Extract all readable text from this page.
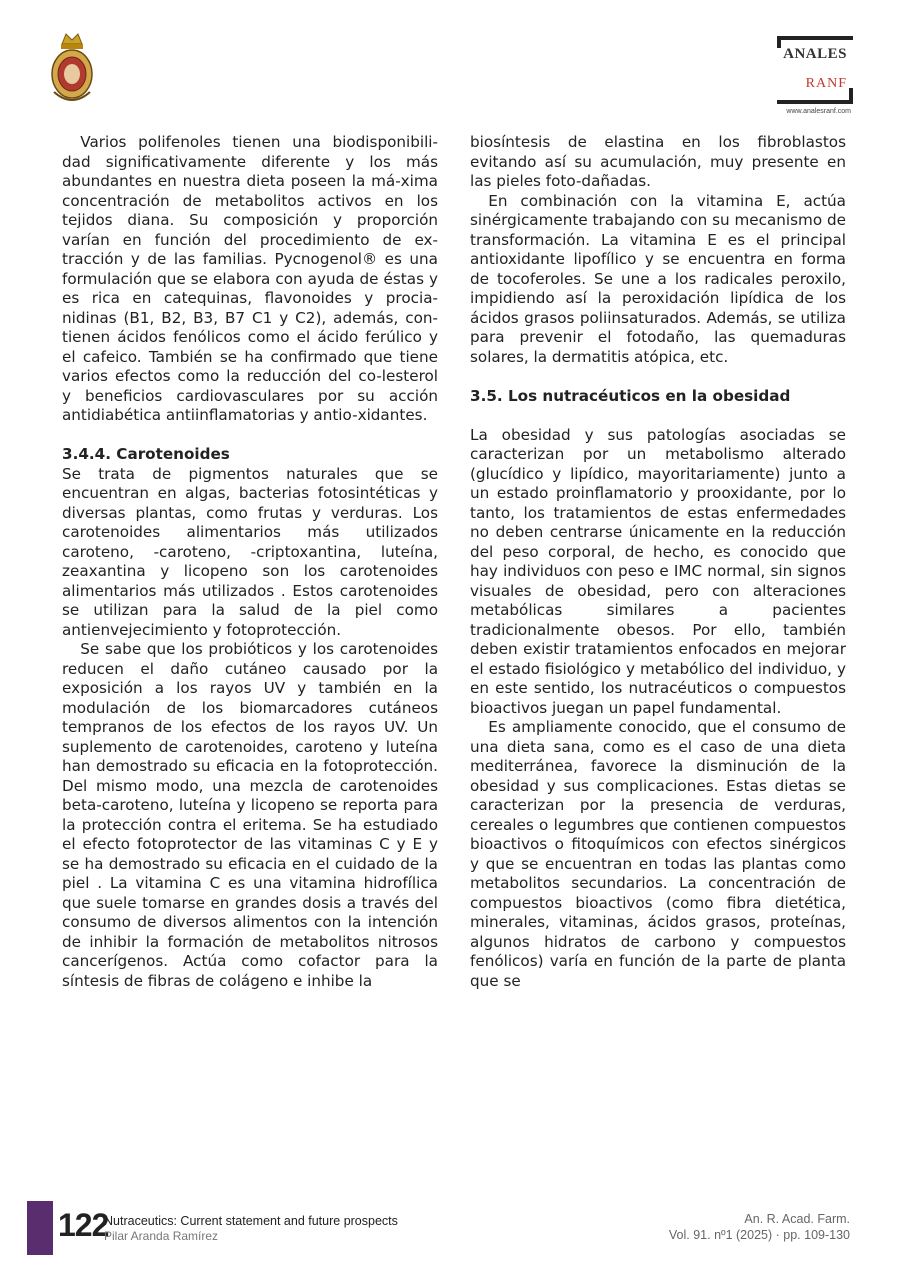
ANALES
RANF
www.analesranf.com

Varios polifenoles tienen una biodisponibili-dad significativamente diferente y los más abundantes en nuestra dieta poseen la má-xima concentración de metabolitos activos en los tejidos diana. Su composición y proporción varían en función del procedimiento de ex-tracción y de las familias. Pycnogenol® es una formulación que se elabora con ayuda de éstas y es rica en catequinas, flavonoides y procia-nidinas (B1, B2, B3, B7 C1 y C2), además, con-tienen ácidos fenólicos como el ácido ferúlico y el cafeico. También se ha confirmado que tiene varios efectos como la reducción del co-lesterol y beneficios cardiovasculares por su acción antidiabética antiinflamatorias y antio-xidantes.

3.4.4. Carotenoides

Se trata de pigmentos naturales que se encuentran en algas, bacterias fotosintéticas y diversas plantas, como frutas y verduras. Los carotenoides alimentarios más utilizados caroteno, -caroteno, -criptoxantina, luteína, zeaxantina y licopeno son los carotenoides alimentarios más utilizados . Estos carotenoides se utilizan para la salud de la piel como antienvejecimiento y fotoprotección.

Se sabe que los probióticos y los carotenoides reducen el daño cutáneo causado por la exposición a los rayos UV y también en la modulación de los biomarcadores cutáneos tempranos de los efectos de los rayos UV. Un suplemento de carotenoides, caroteno y luteína han demostrado su eficacia en la fotoprotección. Del mismo modo, una mezcla de carotenoides beta-caroteno, luteína y licopeno se reporta para la protección contra el eritema. Se ha estudiado el efecto fotoprotector de las vitaminas C y E y se ha demostrado su eficacia en el cuidado de la piel . La vitamina C es una vitamina hidrofílica que suele tomarse en grandes dosis a través del consumo de diversos alimentos con la intención de inhibir la formación de metabolitos nitrosos cancerígenos. Actúa como cofactor para la síntesis de fibras de colágeno e inhibe la

biosíntesis de elastina en los fibroblastos evitando así su acumulación, muy presente en las pieles foto-dañadas.

En combinación con la vitamina E, actúa sinérgicamente trabajando con su mecanismo de transformación. La vitamina E es el principal antioxidante lipofílico y se encuentra en forma de tocoferoles. Se une a los radicales peroxilo, impidiendo así la peroxidación lipídica de los ácidos grasos poliinsaturados. Además, se utiliza para prevenir el fotodaño, las quemaduras solares, la dermatitis atópica, etc.

3.5. Los nutracéuticos en la obesidad

La obesidad y sus patologías asociadas se caracterizan por un metabolismo alterado (glucídico y lipídico, mayoritariamente) junto a un estado proinflamatorio y prooxidante, por lo tanto, los tratamientos de estas enfermedades no deben centrarse únicamente en la reducción del peso corporal, de hecho, es conocido que hay individuos con peso e IMC normal, sin signos visuales de obesidad, pero con alteraciones metabólicas similares a pacientes tradicionalmente obesos. Por ello, también deben existir tratamientos enfocados en mejorar el estado fisiológico y metabólico del individuo, y en este sentido, los nutracéuticos o compuestos bioactivos juegan un papel fundamental.

Es ampliamente conocido, que el consumo de una dieta sana, como es el caso de una dieta mediterránea, favorece la disminución de la obesidad y sus complicaciones. Estas dietas se caracterizan por la presencia de verduras, cereales o legumbres que contienen compuestos bioactivos o fitoquímicos con efectos sinérgicos y que se encuentran en todas las plantas como metabolitos secundarios. La concentración de compuestos bioactivos (como fibra dietética, minerales, vitaminas, ácidos grasos, proteínas, algunos hidratos de carbono y compuestos fenólicos) varía en función de la parte de planta que se

122
Nutraceutics: Current statement and future prospects
Pilar Aranda Ramírez
An. R. Acad. Farm.
Vol. 91. nº1 (2025) · pp. 109-130
